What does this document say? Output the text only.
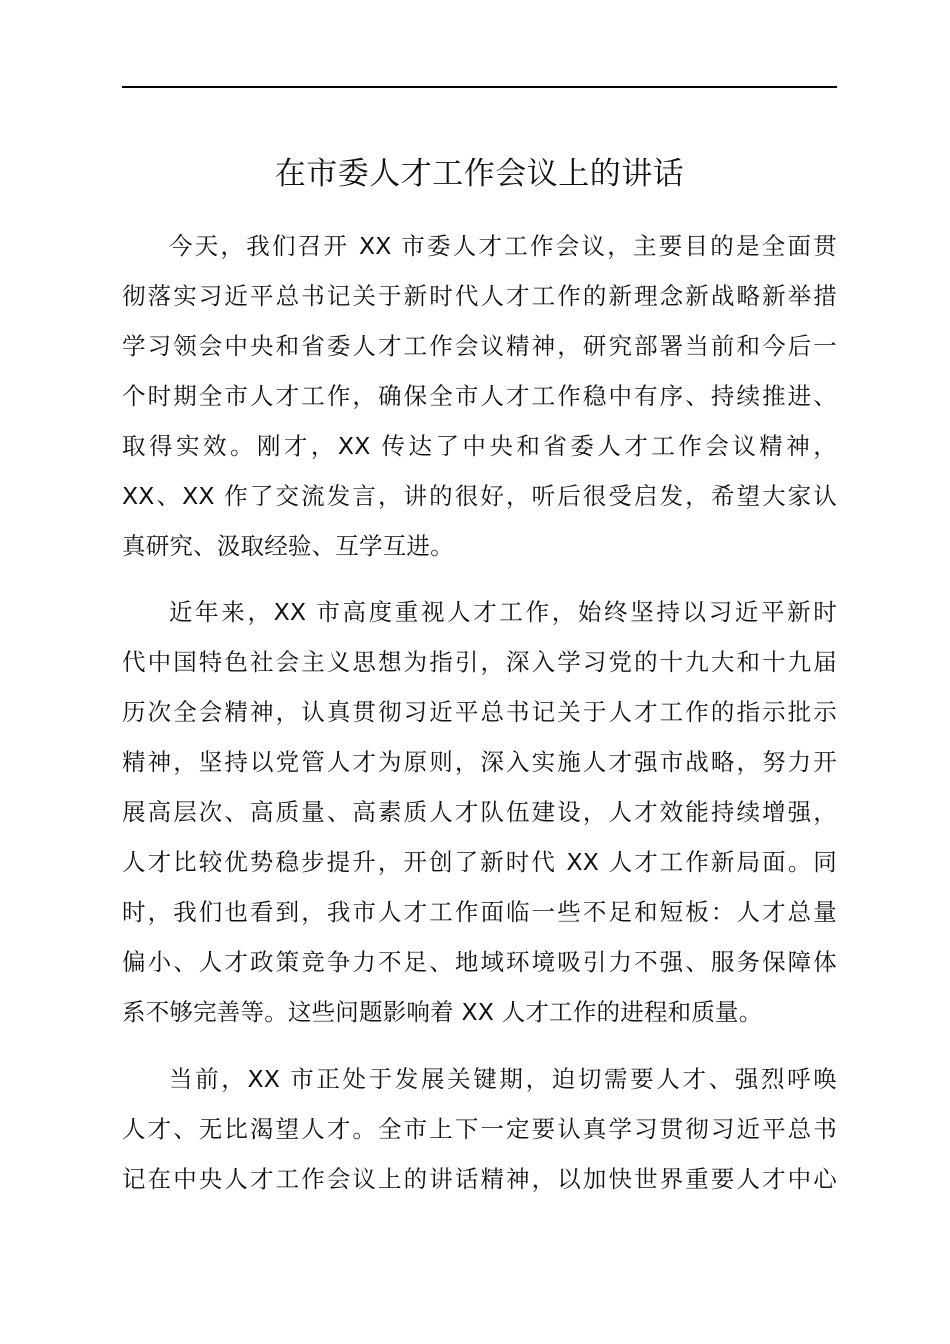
在市委人才工作会议上的讲话
今天，我们召开 XX 市委人才工作会议，主要目的是全面贯
彻落实习近平总书记关于新时代人才工作的新理念新战略新举措
学习领会中央和省委人才工作会议精神，研究部署当前和今后一
个时期全市人才工作，确保全市人才工作稳中有序、持续推进、
取得实效。刚才，XX 传达了中央和省委人才工作会议精神，
XX、XX 作了交流发言，讲的很好，听后很受启发，希望大家认
真研究、汲取经验、互学互进。
近年来，XX 市高度重视人才工作，始终坚持以习近平新时
代中国特色社会主义思想为指引，深入学习党的十九大和十九届
历次全会精神，认真贯彻习近平总书记关于人才工作的指示批示
精神，坚持以党管人才为原则，深入实施人才强市战略，努力开
展高层次、高质量、高素质人才队伍建设，人才效能持续增强，
人才比较优势稳步提升，开创了新时代 XX 人才工作新局面。同
时，我们也看到，我市人才工作面临一些不足和短板：人才总量
偏小、人才政策竞争力不足、地域环境吸引力不强、服务保障体
系不够完善等。这些问题影响着 XX 人才工作的进程和质量。
当前，XX 市正处于发展关键期，迫切需要人才、强烈呼唤
人才、无比渴望人才。全市上下一定要认真学习贯彻习近平总书
记在中央人才工作会议上的讲话精神，以加快世界重要人才中心
